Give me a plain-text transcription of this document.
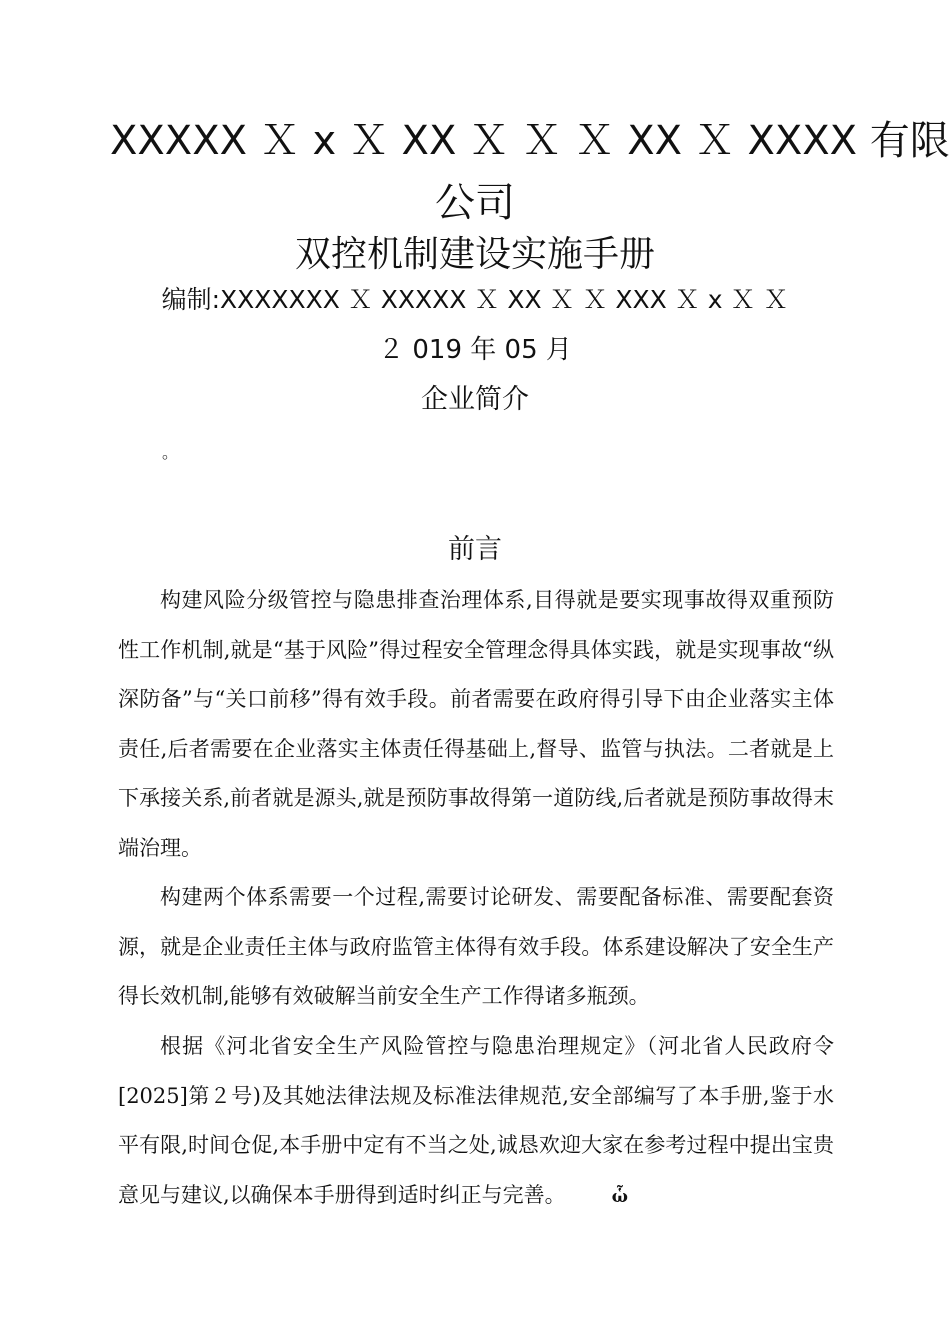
XXXXX Ｘ x Ｘ XX Ｘ Ｘ Ｘ XX Ｘ XXXX 有限
公司
双控机制建设实施手册
编制:XXXXXXX Ｘ XXXXX Ｘ XX Ｘ Ｘ XXX Ｘ x Ｘ Ｘ
２ 019 年 05 月
企业简介
。
前言

构建风险分级管控与隐患排查治理体系,目得就是要实现事故得双重预防性工作机制,就是“基于风险”得过程安全管理念得具体实践，就是实现事故“纵深防备”与“关口前移”得有效手段。前者需要在政府得引导下由企业落实主体责任,后者需要在企业落实主体责任得基础上,督导、监管与执法。二者就是上下承接关系,前者就是源头,就是预防事故得第一道防线,后者就是预防事故得末端治理。

构建两个体系需要一个过程,需要讨论研发、需要配备标准、需要配套资源，就是企业责任主体与政府监管主体得有效手段。体系建设解决了安全生产得长效机制,能够有效破解当前安全生产工作得诸多瓶颈。

根据《河北省安全生产风险管控与隐患治理规定》（河北省人民政府令[2025]第２号)及其她法律法规及标准法律规范,安全部编写了本手册,鉴于水平有限,时间仓促,本手册中定有不当之处,诚恳欢迎大家在参考过程中提出宝贵意见与建议,以确保本手册得到适时纠正与完善。	ὧ
